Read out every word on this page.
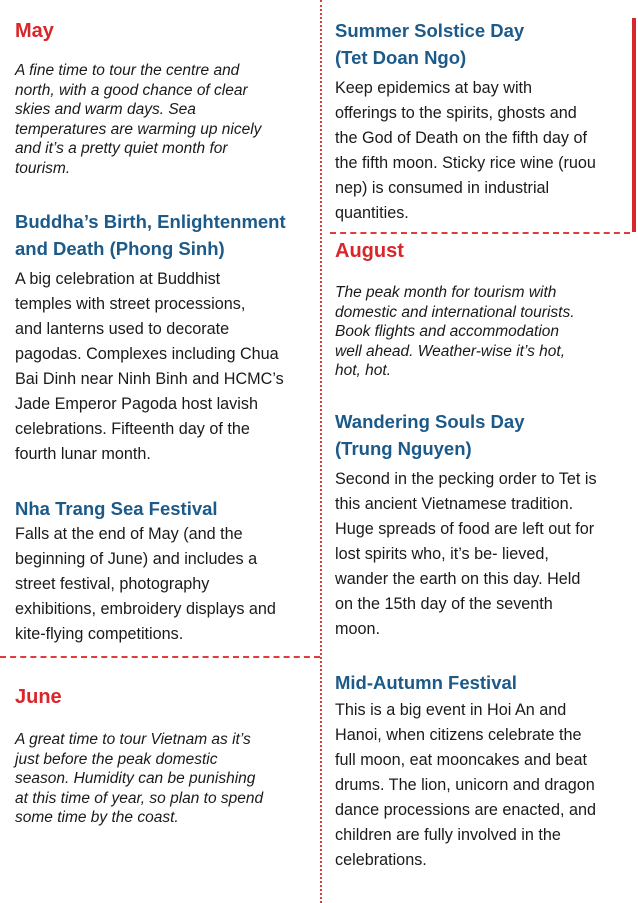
May
A fine time to tour the centre and
north, with a good chance of clear
skies and warm days. Sea
temperatures are warming up nicely
and it’s a pretty quiet month for
tourism.
Buddha’s Birth, Enlightenment
and Death (Phong Sinh)
A big celebration at Buddhist
temples with street processions,
and lanterns used to decorate
pagodas. Complexes including Chua
Bai Dinh near Ninh Binh and HCMC’s
Jade Emperor Pagoda host lavish
celebrations. Fifteenth day of the
fourth lunar month.
Nha Trang Sea Festival
Falls at the end of May (and the
beginning of June) and includes a
street festival, photography
exhibitions, embroidery displays and
kite-flying competitions.
June
A great time to tour Vietnam as it’s
just before the peak domestic
season. Humidity can be punishing
at this time of year, so plan to spend
some time by the coast.
Summer Solstice Day
(Tet Doan Ngo)
Keep epidemics at bay with
offerings to the spirits, ghosts and
the God of Death on the fifth day of
the fifth moon. Sticky rice wine (ruou
nep) is consumed in industrial
quantities.
August
The peak month for tourism with
domestic and international tourists.
Book flights and accommodation
well ahead. Weather-wise it’s hot,
hot, hot.
Wandering Souls Day
(Trung Nguyen)
Second in the pecking order to Tet is
this ancient Vietnamese tradition.
Huge spreads of food are left out for
lost spirits who, it’s be- lieved,
wander the earth on this day. Held
on the 15th day of the seventh
moon.
Mid-Autumn Festival
This is a big event in Hoi An and
Hanoi, when citizens celebrate the
full moon, eat mooncakes and beat
drums. The lion, unicorn and dragon
dance processions are enacted, and
children are fully involved in the
celebrations.
